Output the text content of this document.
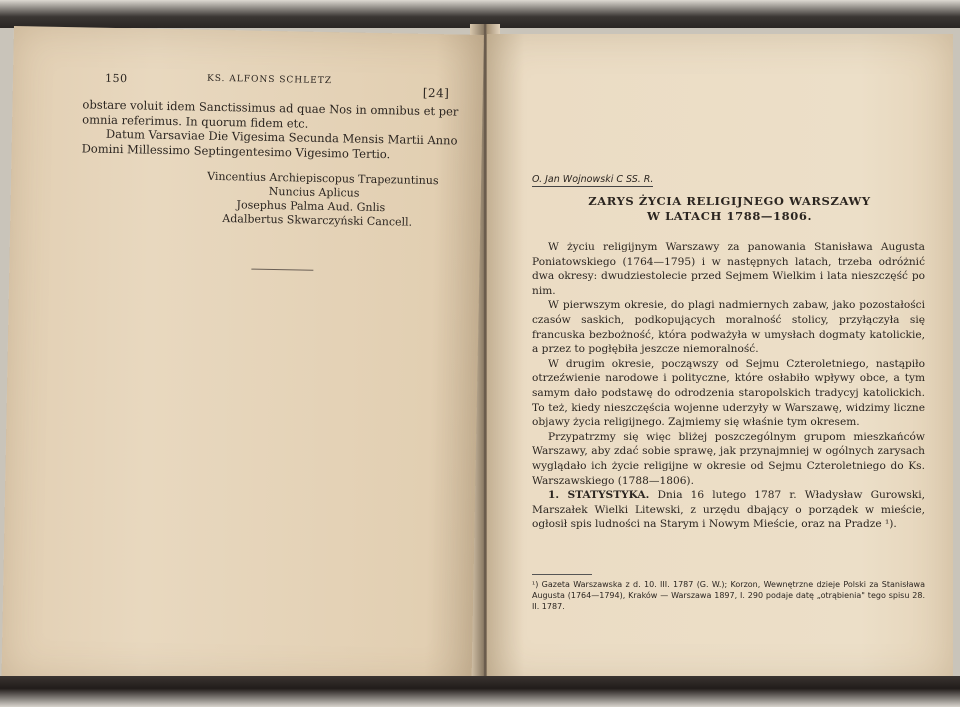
150	KS. ALFONS SCHLETZ
[24]

obstare voluit idem Sanctissimus ad quae Nos in omnibus et per omnia referimus. In quorum fidem etc.

Datum Varsaviae Die Vigesima Secunda Mensis Martii Anno Domini Millessimo Septingentesimo Vigesimo Tertio.

Vincentius Archiepiscopus Trapezuntinus
Nuncius Aplicus
Josephus Palma Aud. Gnlis
Adalbertus Skwarczyński Cancell.
O. Jan Wojnowski C SS. R.
ZARYS ŻYCIA RELIGIJNEGO WARSZAWY
W LATACH 1788—1806.

W życiu religijnym Warszawy za panowania Stanisława Augusta Poniatowskiego (1764—1795) i w następnych latach, trzeba odróżnić dwa okresy: dwudziestolecie przed Sejmem Wielkim i lata nieszczęść po nim.

W pierwszym okresie, do plagi nadmiernych zabaw, jako pozostałości czasów saskich, podkopujących moralność stolicy, przyłączyła się francuska bezbożność, która podważyła w umysłach dogmaty katolickie, a przez to pogłębiła jeszcze niemoralność.

W drugim okresie, począwszy od Sejmu Czteroletniego, nastąpiło otrzeźwienie narodowe i polityczne, które osłabiło wpływy obce, a tym samym dało podstawę do odrodzenia staropolskich tradycyj katolickich. To też, kiedy nieszczęścia wojenne uderzyły w Warszawę, widzimy liczne objawy życia religijnego. Zajmiemy się właśnie tym okresem.

Przypatrzmy się więc bliżej poszczególnym grupom mieszkańców Warszawy, aby zdać sobie sprawę, jak przynajmniej w ogólnych zarysach wyglądało ich życie religijne w okresie od Sejmu Czteroletniego do Ks. Warszawskiego (1788—1806).

1. STATYSTYKA. Dnia 16 lutego 1787 r. Władysław Gurowski, Marszałek Wielki Litewski, z urzędu dbający o porządek w mieście, ogłosił spis ludności na Starym i Nowym Mieście, oraz na Pradze ¹).

¹) Gazeta Warszawska z d. 10. III. 1787 (G. W.); Korzon, Wewnętrzne dzieje Polski za Stanisława Augusta (1764—1794), Kraków — Warszawa 1897, I. 290 podaje datę „otrąbienia" tego spisu 28. II. 1787.
